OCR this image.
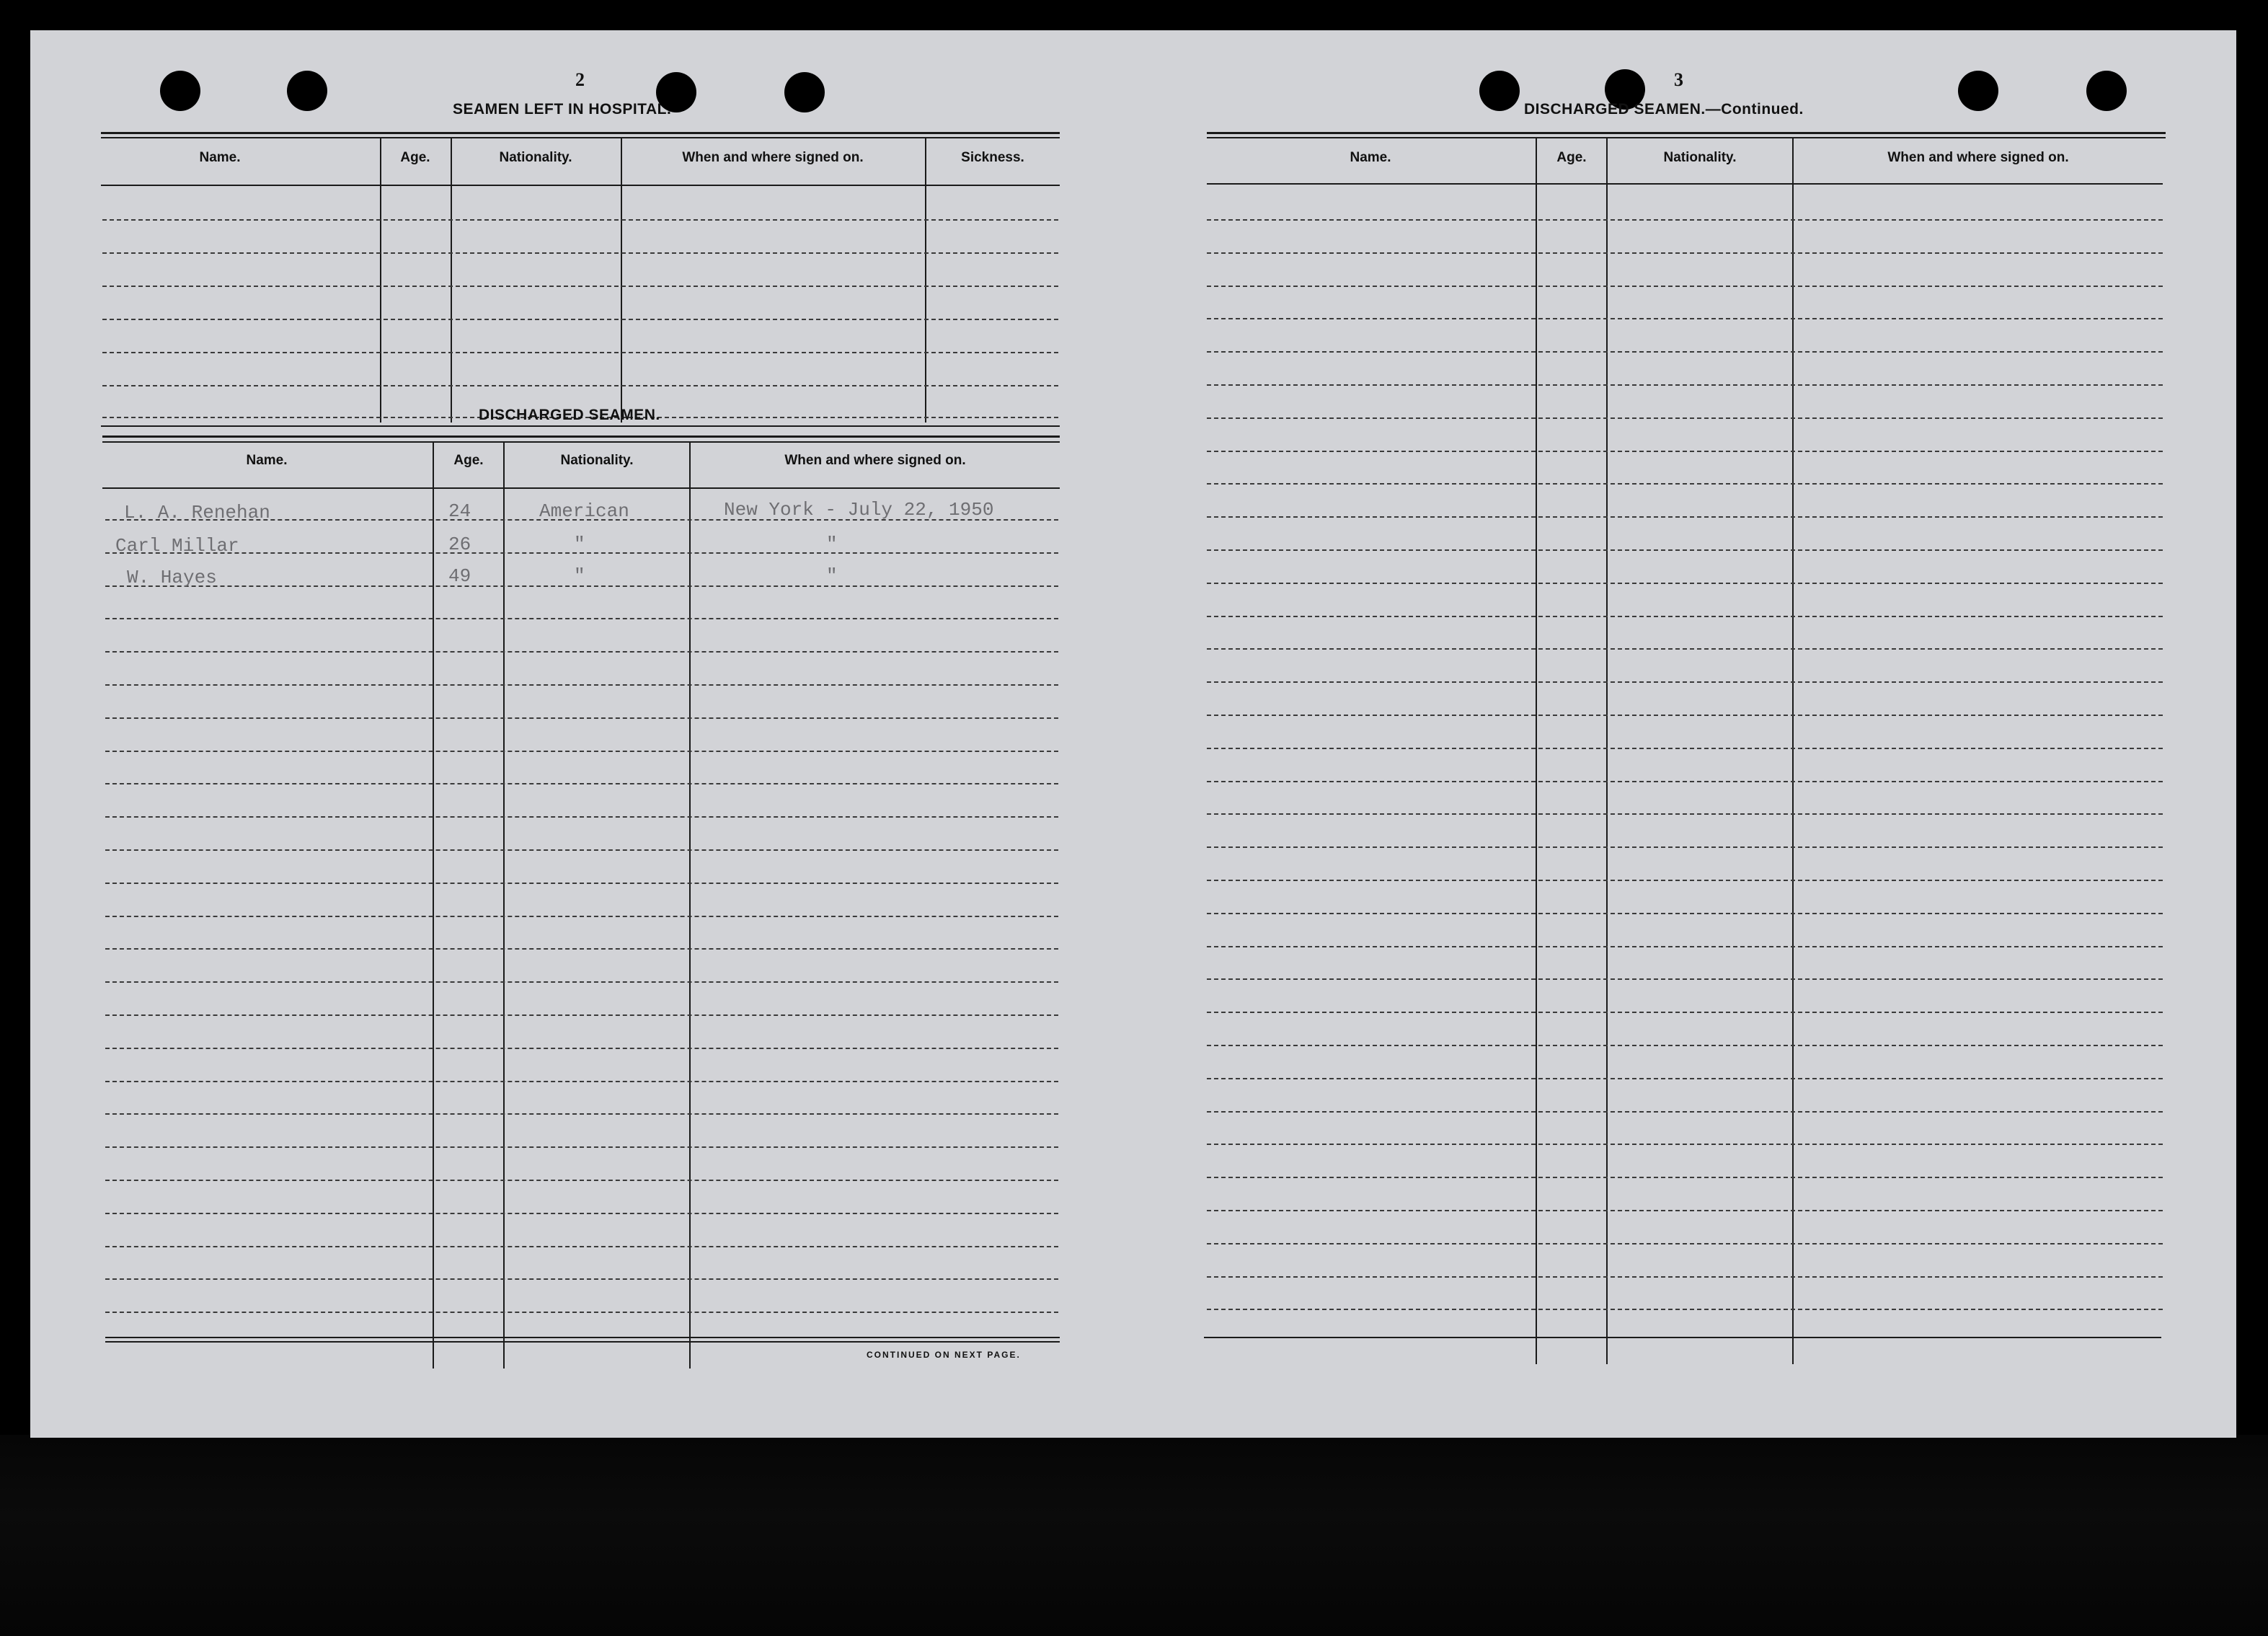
2
SEAMEN LEFT IN HOSPITAL.
Name.	Age.	Nationality.	When and where signed on.	Sickness.
DISCHARGED SEAMEN.
Name.	Age.	Nationality.	When and where signed on.
L. A. Renehan	24	American	New York - July 22, 1950
Carl Millar	26	"	"
W. Hayes	49	"	"
CONTINUED ON NEXT PAGE.
3
DISCHARGED SEAMEN.—Continued.
Name.	Age.	Nationality.	When and where signed on.
